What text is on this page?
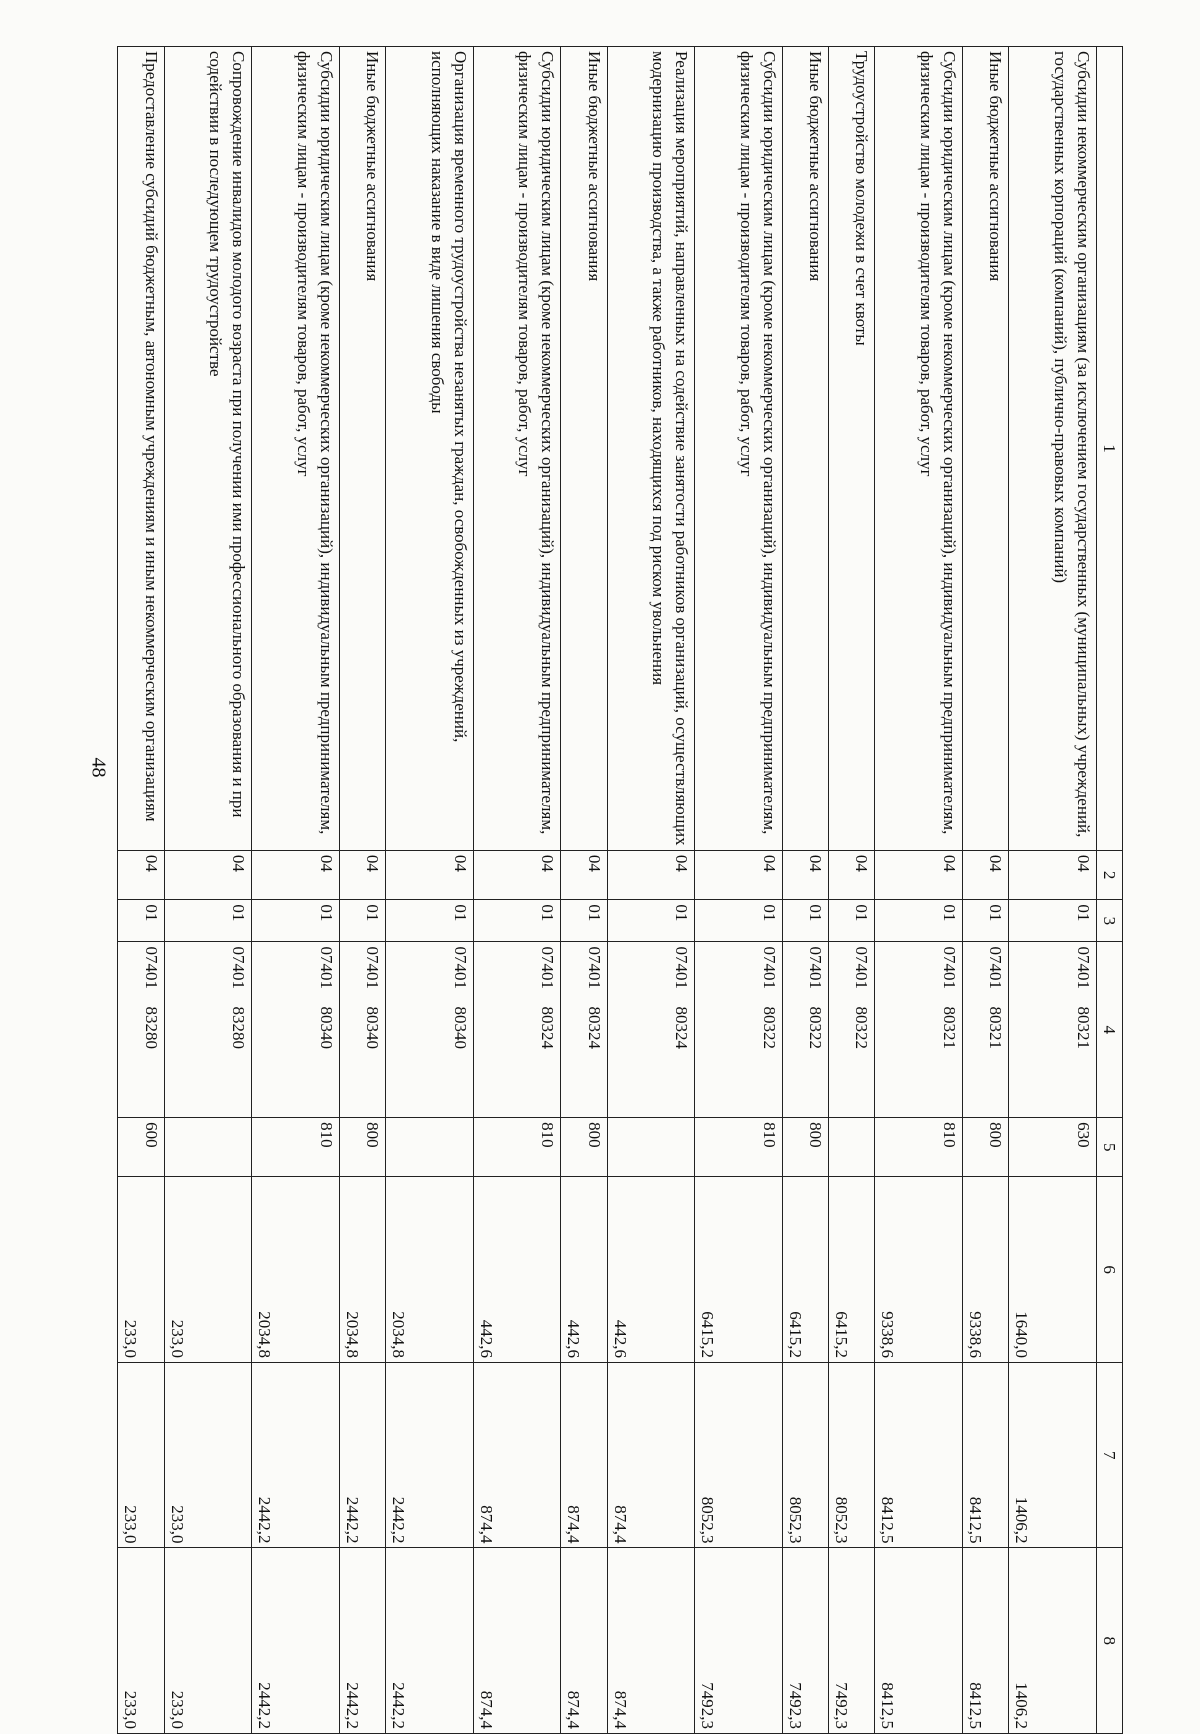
48
1	2	3	4	5	6	7	8
Субсидии некоммерческим организациям (за исключением государственных (муниципальных) учреждений, государственных корпораций (компаний), публично-правовых компаний)	04	01	0740180321	630	1640,0	1406,2	1406,2
Иные бюджетные ассигнования	04	01	0740180321	800	9338,6	8412,5	8412,5
Субсидии юридическим лицам (кроме некоммерческих организаций), индивидуальным предпринимателям, физическим лицам - производителям товаров, работ, услуг	04	01	0740180321	810	9338,6	8412,5	8412,5
Трудоустройство молодежи в счет квоты	04	01	0740180322		6415,2	8052,3	7492,3
Иные бюджетные ассигнования	04	01	0740180322	800	6415,2	8052,3	7492,3
Субсидии юридическим лицам (кроме некоммерческих организаций), индивидуальным предпринимателям, физическим лицам - производителям товаров, работ, услуг	04	01	0740180322	810	6415,2	8052,3	7492,3
Реализация мероприятий, направленных на содействие занятости работников организаций, осуществляющих модернизацию производства, а также работников, находящихся под риском увольнения	04	01	0740180324		442,6	874,4	874,4
Иные бюджетные ассигнования	04	01	0740180324	800	442,6	874,4	874,4
Субсидии юридическим лицам (кроме некоммерческих организаций), индивидуальным предпринимателям, физическим лицам - производителям товаров, работ, услуг	04	01	0740180324	810	442,6	874,4	874,4
Организация временного трудоустройства незанятых граждан, освобожденных из учреждений, исполняющих наказание в виде лишения свободы	04	01	0740180340		2034,8	2442,2	2442,2
Иные бюджетные ассигнования	04	01	0740180340	800	2034,8	2442,2	2442,2
Субсидии юридическим лицам (кроме некоммерческих организаций), индивидуальным предпринимателям, физическим лицам - производителям товаров, работ, услуг	04	01	0740180340	810	2034,8	2442,2	2442,2
Сопровождение инвалидов молодого возраста при получении ими профессионального образования и при содействии в последующем трудоустройстве	04	01	0740183280		233,0	233,0	233,0
Предоставление субсидий бюджетным, автономным учреждениям и иным некоммерческим организациям	04	01	0740183280	600	233,0	233,0	233,0
